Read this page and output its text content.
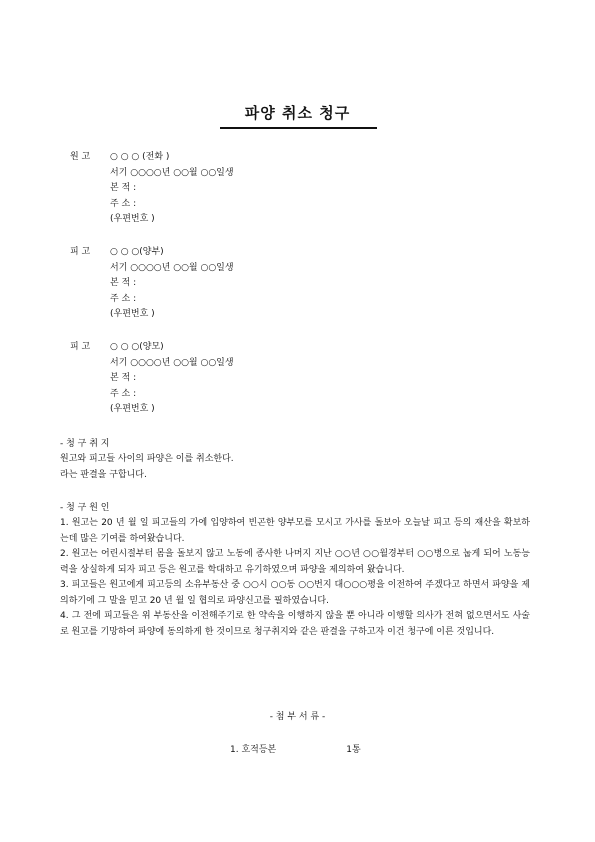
파양 취소 청구
원 고 ○ ○ ○ (전화 )
서기 ○○○○년 ○○월 ○○일생
본 적 :
주 소 :
(우편번호 )
피 고 ○ ○ ○(양부)
서기 ○○○○년 ○○월 ○○일생
본 적 :
주 소 :
(우편번호 )
피 고 ○ ○ ○(양모)
서기 ○○○○년 ○○월 ○○일생
본 적 :
주 소 :
(우편번호 )
- 청 구 취 지

원고와 피고들 사이의 파양은 이를 취소한다.

라는 판결을 구합니다.

- 청 구 원 인

1. 원고는 20 년 월 일 피고들의 가에 입양하여 빈곤한 양부모를 모시고 가사를 돌보아 오늘날 피고 등의 재산을 확보하는데 많은 기여를 하여왔습니다.

2. 원고는 어린시절부터 몸을 돌보지 않고 노동에 종사한 나머지 지난 ○○년 ○○월경부터 ○○병으로 눕게 되어 노동능력을 상실하게 되자 피고 등은 원고를 학대하고 유기하였으며 파양을 제의하여 왔습니다.

3. 피고들은 원고에게 피고등의 소유부동산 중 ○○시 ○○동 ○○번지 대○○○평을 이전하여 주겠다고 하면서 파양을 제의하기에 그 말을 믿고 20 년 월 일 협의로 파양신고를 필하였습니다.

4. 그 전에 피고들은 위 부동산을 이전해주기로 한 약속을 이행하지 않을 뿐 아니라 이행할 의사가 전혀 없으면서도 사술로 원고를 기망하여 파양에 동의하게 한 것이므로 청구취지와 같은 판결을 구하고자 이건 청구에 이른 것입니다.

- 첨 부 서 류 -
1. 호적등본	1통
